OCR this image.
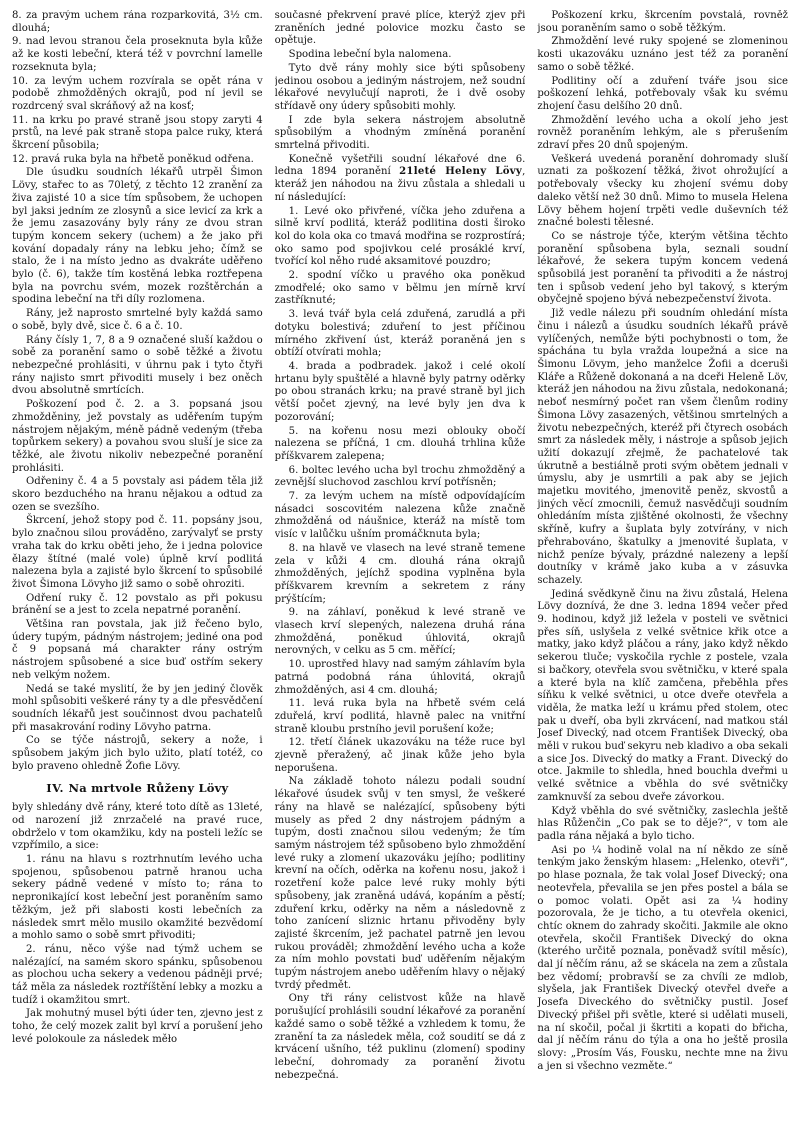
8. za pravým uchem rána rozparkovitá, 3½ cm. dlouhá;

9. nad levou stranou čela proseknuta byla kůže až ke kosti lebeční, která též v povrchní lamelle rozseknuta byla;

10. za levým uchem rozvírala se opět rána v podobě zhmožděných okrajů, pod ní jevil se rozdrcený sval skráňový až na kosť;

11. na krku po pravé straně jsou stopy zaryti 4 prstů, na levé pak straně stopa palce ruky, která škrcení působila;

12. pravá ruka byla na hřbetě poněkud odřena.

Dle úsudku soudních lékařů utrpěl Šimon Lövy, stařec to as 70letý, z těchto 12 zranění za živa zajisté 10 a sice tím spůsobem, že uchopen byl jaksi jedním ze zlosynů a sice levicí za krk a že jemu zasazovány byly rány ze dvou stran tupým koncem sekery (uchem) a že jako při kování dopadaly rány na lebku jeho; čímž se stalo, že i na místo jedno as dvakráte uděřeno bylo (č. 6), takže tím kostěná lebka roztřepena byla na povrchu svém, mozek rozštěrchán a spodina lebeční na tři díly rozlomena.

Rány, jež naprosto smrtelné byly každá samo o sobě, byly dvě, sice č. 6 a č. 10.

Rány čísly 1, 7, 8 a 9 označené sluší každou o sobě za poranění samo o sobě těžké a životu nebezpečné prohlásiti, v úhrnu pak i tyto čtyři rány najisto smrt přivoditi musely i bez oněch dvou absolutně smrtících.

Poškození pod č. 2. a 3. popsaná jsou zhmožděniny, jež povstaly as uděřením tupým nástrojem nějakým, méně pádně vedeným (třeba topůrkem sekery) a povahou svou sluší je sice za těžké, ale životu nikoliv nebezpečné poranění prohlásiti.

Odřeniny č. 4 a 5 povstaly asi pádem těla již skoro bezduchého na hranu nějakou a odtud za ozen se svezšího.

Škrcení, jehož stopy pod č. 11. popsány jsou, bylo značnou silou prováděno, zarývalyť se prsty vraha tak do krku oběti jeho, že i jedna polovice ělazy štítné (malé vole) úplně krví podlitá nalezena byla a zajisté bylo škrcení to spůsobilé život Šimona Lövyho již samo o sobě ohroziti.

Odření ruky č. 12 povstalo as při pokusu bránění se a jest to zcela nepatrné poranění.

Většina ran povstala, jak již řečeno bylo, údery tupým, pádným nástrojem; jediné ona pod č 9 popsaná má charakter rány ostrým nástrojem spůsobené a sice buď ostřím sekery neb velkým nožem.

Nedá se také myslití, že by jen jediný člověk mohl spůsobiti veškeré rány ty a dle přesvědčení soudních lékařů jest součinnost dvou pachatelů při masakrování rodiny Lövyho patrna.

Co se týče nástrojů, sekery a nože, i spůsobem jakým jich bylo užito, platí totéž, co bylo praveno ohledně Žofie Lövy.

IV. Na mrtvole Růženy Lövy

byly shledány dvě rány, které toto dítě as 13leté, od narození již znrzačelé na pravé ruce, obdrželo v tom okamžiku, kdy na posteli ležíc se vzpřímilo, a sice:

1. ránu na hlavu s roztrhnutím levého ucha spojenou, spůsobenou patrně hranou ucha sekery pádně vedené v místo to; rána to nepronikající kost lebeční jest poraněním samo těžkým, jež při slabosti kosti lebečních za následek smrt mělo musilo okamžité bezvědomí a mohlo samo o sobě smrt přivoditi;

2. ránu, něco výše nad týmž uchem se nalézající, na samém skoro spánku, spůsobenou as plochou ucha sekery a vedenou pádněji prvé; táž měla za následek roztříštění lebky a mozku a tudíž i okamžitou smrt.

Jak mohutný musel býti úder ten, zjevno jest z toho, že celý mozek zalit byl krví a porušení jeho levé polokoule za následek měło

současné překrvení pravé plíce, kterýž zjev při zraněních jedné polovice mozku často se opětuje.

Spodina lebeční byla nalomena.

Tyto dvě rány mohly sice býti spůsobeny jedinou osobou a jediným nástrojem, než soudní lékařové nevylučují naproti, že i dvě osoby střídavě ony údery spůsobiti mohly.

I zde byla sekera nástrojem absolutně spůsobilým a vhodným zmíněná poranění smrtelná přivoditi.

Konečně vyšetřili soudní lékařové dne 6. ledna 1894 poranění 21leté Heleny Lövy, kteráž jen náhodou na živu zůstala a shledali u ní následující:

1. Levé oko přivřené, víčka jeho zduřena a silně krví podlitá, kteráž podlitina dosti široko kol do kola oka co tmavá modřina se rozprostírá; oko samo pod spojivkou celé prosáklé krví, tvořící kol něho rudé aksamitové pouzdro;

2. spodní víčko u pravého oka poněkud zmodřelé; oko samo v bělmu jen mírně krví zastříknuté;

3. levá tvář byla celá zduřená, zarudlá a při dotyku bolestivá; zduření to jest příčinou mírného zkřivení úst, kteráž poraněná jen s obtíží otvírati mohla;

4. brada a podbradek. jakož i celé okolí hrtanu byly spuštělé a hlavně byly patrny oděrky po obou stranách krku; na pravé straně byl jich větší počet zjevný, na levé byly jen dva k pozorování;

5. na kořenu nosu mezi oblouky obočí nalezena se příčná, 1 cm. dlouhá trhlina kůže příškvarem zalepena;

6. boltec levého ucha byl trochu zhmožděný a zevnější sluchovod zaschlou krví potřísněn;

7. za levým uchem na místě odpovídajícím násadci soscovitém nalezena kůže značně zhmožděná od náušnice, kteráž na místě tom visíc v lalůčku ušním promáčknuta byla;

8. na hlavě ve vlasech na levé straně temene zela v kůži 4 cm. dlouhá rána okrajů zhmožděných, jejíchž spodina vyplněna byla příškvarem krevním a sekretem z rány prýštícím;

9. na záhlaví, poněkud k levé straně ve vlasech krví slepených, nalezena druhá rána zhmožděná, poněkud úhlovitá, okrajů nerovných, v celku as 5 cm. měřící;

10. uprostřed hlavy nad samým záhlavím byla patrná podobná rána úhlovitá, okrajů zhmožděných, asi 4 cm. dlouhá;

11. levá ruka byla na hřbetě svém celá zduřelá, krví podlitá, hlavně palec na vnitřní straně kloubu prstního jevil porušení kože;

12. třetí článek ukazováku na téže ruce byl zjevně přeražený, ač jinak kůže jeho byla neporušena.

Na základě tohoto nálezu podali soudní lékařové úsudek svůj v ten smysl, že veškeré rány na hlavě se nalézající, spůsobeny býti musely as před 2 dny nástrojem pádným a tupým, dosti značnou silou vedeným; že tím samým nástrojem též spůsobeno bylo zhmoždění levé ruky a zlomení ukazováku jejího; podlitiny krevní na očích, oděrka na kořenu nosu, jakož i rozetření kože palce levé ruky mohly býti spůsobeny, jak zraněná udává, kopáním a pěstí; zduření krku, oděrky na něm a následovně z toho zanícení sliznic hrtanu přivoděny byly zajisté škrcením, jež pachatel patrně jen levou rukou prováděl; zhmoždění levého ucha a kože za ním mohlo povstati buď uděřením nějakým tupým nástrojem anebo uděřením hlavy o nějaký tvrdý předmět.

Ony tři rány celistvost kůže na hlavě porušující prohlásili soudní lékařové za poranění každé samo o sobě těžké a vzhledem k tomu, že zranění ta za následek měla, což soudití se dá z krvácení ušního, též puklinu (zlomení) spodiny lebeční, dohromady za poranění životu nebezpečná.

Poškození krku, škrcením povstalá, rovněž jsou poraněním samo o sobě těžkým.

Zhmoždění levé ruky spojené se zlomeninou kosti ukazováku uznáno jest též za poranění samo o sobě těžké.

Podlitiny očí a zduření tváře jsou sice poškození lehká, potřebovaly však ku svému zhojení času delšího 20 dnů.

Zhmoždění levého ucha a okolí jeho jest rovněž poraněním lehkým, ale s přerušením zdraví přes 20 dnů spojeným.

Veškerá uvedená poranění dohromady sluší uznati za poškození těžká, život ohrožující a potřebovaly všecky ku zhojení svému doby daleko větší než 30 dnů. Mimo to musela Helena Lövy během hojení trpěti vedle duševních též značné bolesti tělesné.

Co se nástroje týče, kterým většina těchto poranění spůsobena byla, seznali soudní lékařové, že sekera tupým koncem vedená spůsobilá jest poranění ta přivoditi a že nástroj ten i spůsob vedení jeho byl takový, s kterým obyčejně spojeno bývá nebezpečenství života.

Již vedle nálezu při soudním ohledání místa činu i nálezů a úsudku soudních lékařů právě vylíčených, nemůže býti pochybnosti o tom, že spáchána tu byla vražda loupežná a sice na Šimonu Lövym, jeho manželce Žofii a dceruši Kláře a Růženě dokonaná a na dceři Heleně Löv, kteráž jen náhodou na živu zůstala, nedokonaná; neboť nesmírný počet ran všem členům rodiny Šimona Lövy zasazených, většinou smrtelných a životu nebezpečných, kteréž při čtyrech osobách smrt za následek měly, i nástroje a spůsob jejich užití dokazují zřejmě, že pachatelové tak úkrutně a bestiálně proti svým obětem jednali v úmyslu, aby je usmrtili a pak aby se jejich majetku movitého, jmenovitě peněz, skvostů a jiných věcí zmocnili, čemuž nasvědčuji soudním ohledáním místa zjištěné okolnosti, že všechny skříně, kufry a šuplata byly zotvírány, v nich přehrabováno, škatulky a jmenovité šuplata, v nichž peníze bývaly, prázdné nalezeny a lepší doutníky v krámě jako kuba a v zásuvka schazely.

Jediná svědkyně činu na živu zůstalá, Helena Lövy doznívá, že dne 3. ledna 1894 večer před 9. hodinou, když již ležela v posteli ve světnici přes síň, uslyšela z velké světnice křik otce a matky, jako když pláčou a rány, jako když někdo sekerou tluče; vyskočila rychle z postele, vzala si bačkory, otevřela svou světničku, v které spala a které byla na klíč zamčena, přeběhla přes síňku k velké světnici, u otce dveře otevřela a viděla, že matka leží u krámu před stolem, otec pak u dveří, oba byli zkrvácení, nad matkou stál Josef Divecký, nad otcem František Divecký, oba měli v rukou buď sekyru neb kladivo a oba sekali a sice Jos. Divecký do matky a Frant. Divecký do otce. Jakmile to shledla, hned bouchla dveřmi u velké světnice a vběhla do své světničky zamknuvší za sebou dveře závorkou.

Když vběhla do své světničky, zaslechla ještě hlas Růženčin „Co pak se to děje?“, v tom ale padla rána nějaká a bylo ticho.

Asi po ¼ hodině volal na ní někdo ze síně tenkým jako ženským hlasem: „Helenko, otevři“, po hlase poznala, že tak volal Josef Divecký; ona neotevřela, převalila se jen přes postel a bála se o pomoc volati. Opět asi za ¼ hodiny pozorovala, že je ticho, a tu otevřela okenici, chtíc oknem do zahrady skočiti. Jakmile ale okno otevřela, skočil František Divecký do okna (kterého určitě poznala, poněvadž svítil měsíc), dal jí něčím ránu, až se skácela na zem a zůstala bez vědomí; probravší se za chvíli ze mdlob, slyšela, jak František Divecký otevřel dveře a Josefa Diveckého do světničky pustil. Josef Divecký přišel při světle, které si udělati museli, na ní skočil, počal ji škrtiti a kopati do břicha, dal jí něčím ránu do týla a ona ho ještě prosila slovy: „Prosím Vás, Fousku, nechte mne na živu a jen si všechno vezměte.“
